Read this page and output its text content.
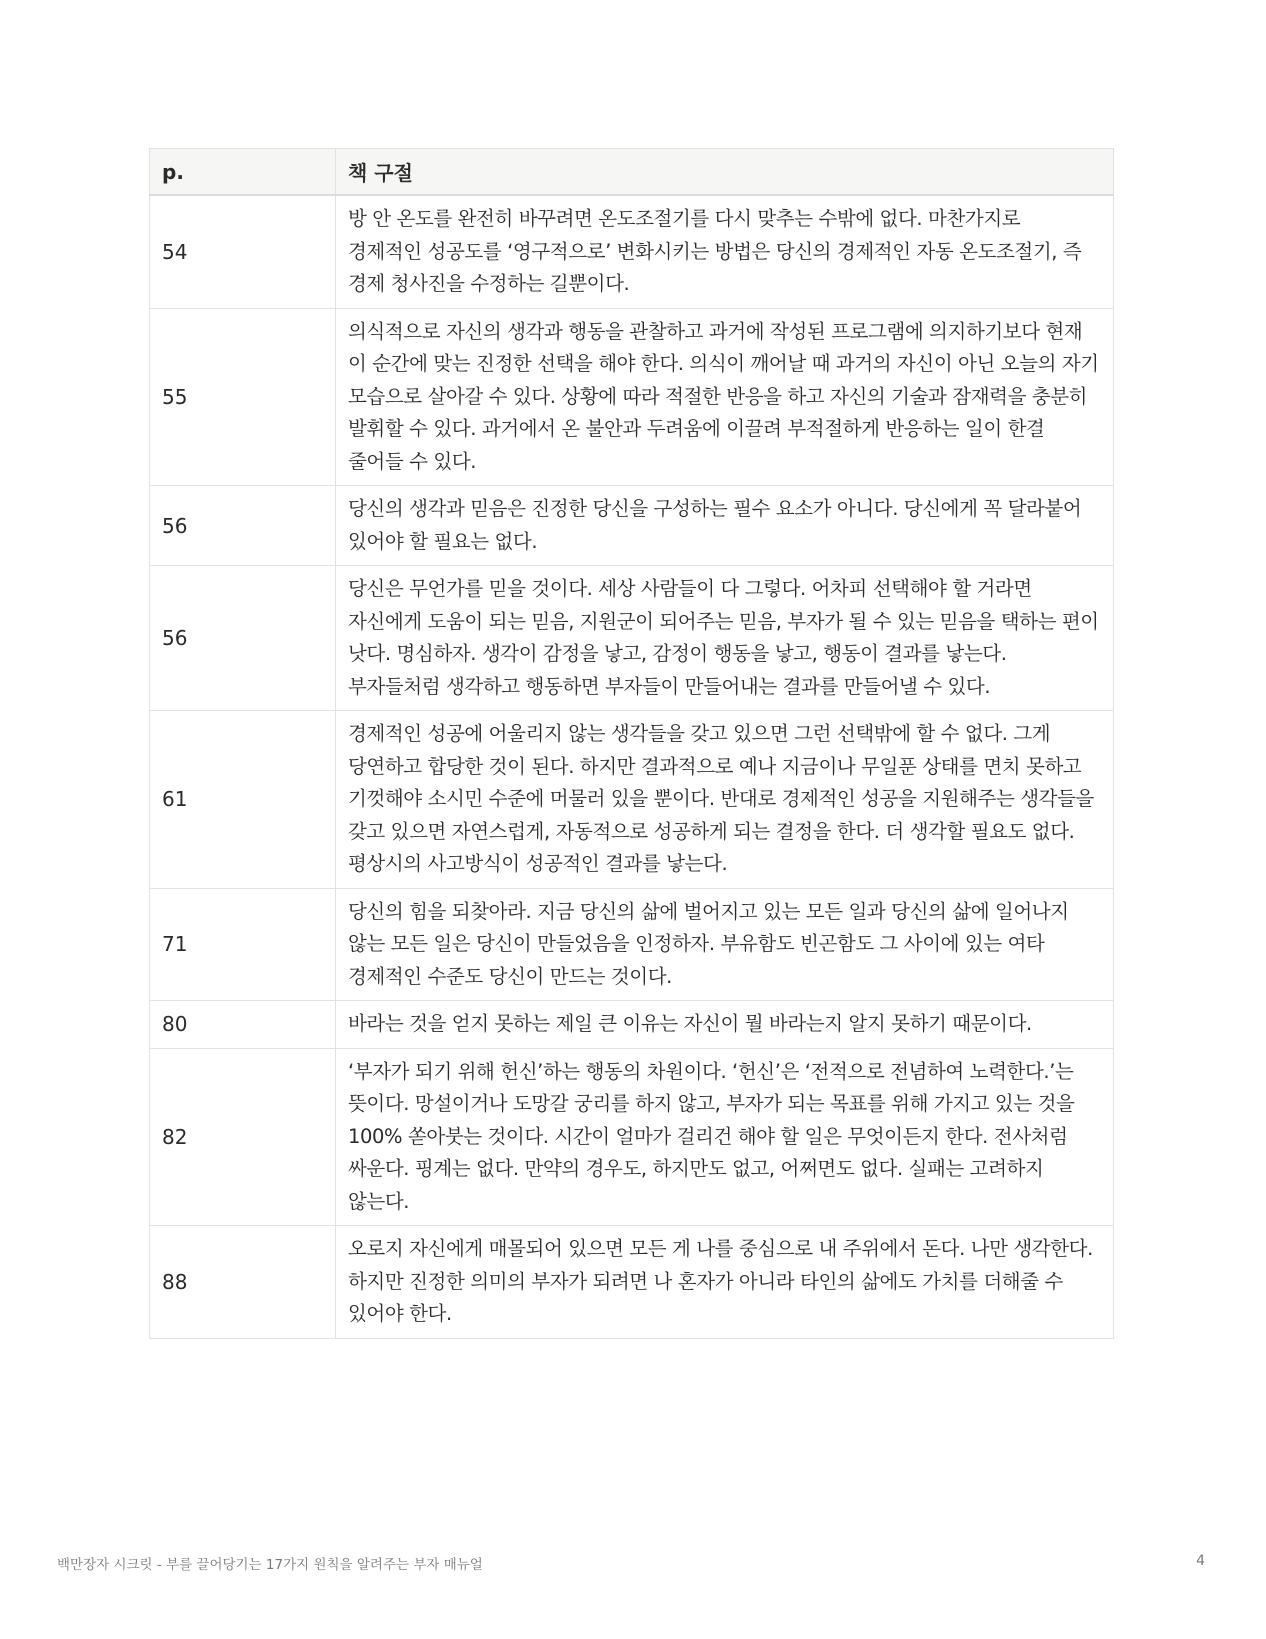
p.	책 구절
54	방 안 온도를 완전히 바꾸려면 온도조절기를 다시 맞추는 수밖에 없다. 마찬가지로 경제적인 성공도를 ‘영구적으로’ 변화시키는 방법은 당신의 경제적인 자동 온도조절기, 즉 경제 청사진을 수정하는 길뿐이다.
55	의식적으로 자신의 생각과 행동을 관찰하고 과거에 작성된 프로그램에 의지하기보다 현재 이 순간에 맞는 진정한 선택을 해야 한다. 의식이 깨어날 때 과거의 자신이 아닌 오늘의 자기 모습으로 살아갈 수 있다. 상황에 따라 적절한 반응을 하고 자신의 기술과 잠재력을 충분히 발휘할 수 있다. 과거에서 온 불안과 두려움에 이끌려 부적절하게 반응하는 일이 한결 줄어들 수 있다.
56	당신의 생각과 믿음은 진정한 당신을 구성하는 필수 요소가 아니다. 당신에게 꼭 달라붙어 있어야 할 필요는 없다.
56	당신은 무언가를 믿을 것이다. 세상 사람들이 다 그렇다. 어차피 선택해야 할 거라면 자신에게 도움이 되는 믿음, 지원군이 되어주는 믿음, 부자가 될 수 있는 믿음을 택하는 편이 낫다. 명심하자. 생각이 감정을 낳고, 감정이 행동을 낳고, 행동이 결과를 낳는다. 부자들처럼 생각하고 행동하면 부자들이 만들어내는 결과를 만들어낼 수 있다.
61	경제적인 성공에 어울리지 않는 생각들을 갖고 있으면 그런 선택밖에 할 수 없다. 그게 당연하고 합당한 것이 된다. 하지만 결과적으로 예나 지금이나 무일푼 상태를 면치 못하고 기껏해야 소시민 수준에 머물러 있을 뿐이다. 반대로 경제적인 성공을 지원해주는 생각들을 갖고 있으면 자연스럽게, 자동적으로 성공하게 되는 결정을 한다. 더 생각할 필요도 없다. 평상시의 사고방식이 성공적인 결과를 낳는다.
71	당신의 힘을 되찾아라. 지금 당신의 삶에 벌어지고 있는 모든 일과 당신의 삶에 일어나지 않는 모든 일은 당신이 만들었음을 인정하자. 부유함도 빈곤함도 그 사이에 있는 여타 경제적인 수준도 당신이 만드는 것이다.
80	바라는 것을 얻지 못하는 제일 큰 이유는 자신이 뭘 바라는지 알지 못하기 때문이다.
82	‘부자가 되기 위해 헌신’하는 행동의 차원이다. ‘헌신’은 ‘전적으로 전념하여 노력한다.’는 뜻이다. 망설이거나 도망갈 궁리를 하지 않고, 부자가 되는 목표를 위해 가지고 있는 것을 100% 쏟아붓는 것이다. 시간이 얼마가 걸리건 해야 할 일은 무엇이든지 한다. 전사처럼 싸운다. 핑계는 없다. 만약의 경우도, 하지만도 없고, 어쩌면도 없다. 실패는 고려하지 않는다.
88	오로지 자신에게 매몰되어 있으면 모든 게 나를 중심으로 내 주위에서 돈다. 나만 생각한다. 하지만 진정한 의미의 부자가 되려면 나 혼자가 아니라 타인의 삶에도 가치를 더해줄 수 있어야 한다.
백만장자 시크릿 - 부를 끌어당기는 17가지 원칙을 알려주는 부자 매뉴얼	4
